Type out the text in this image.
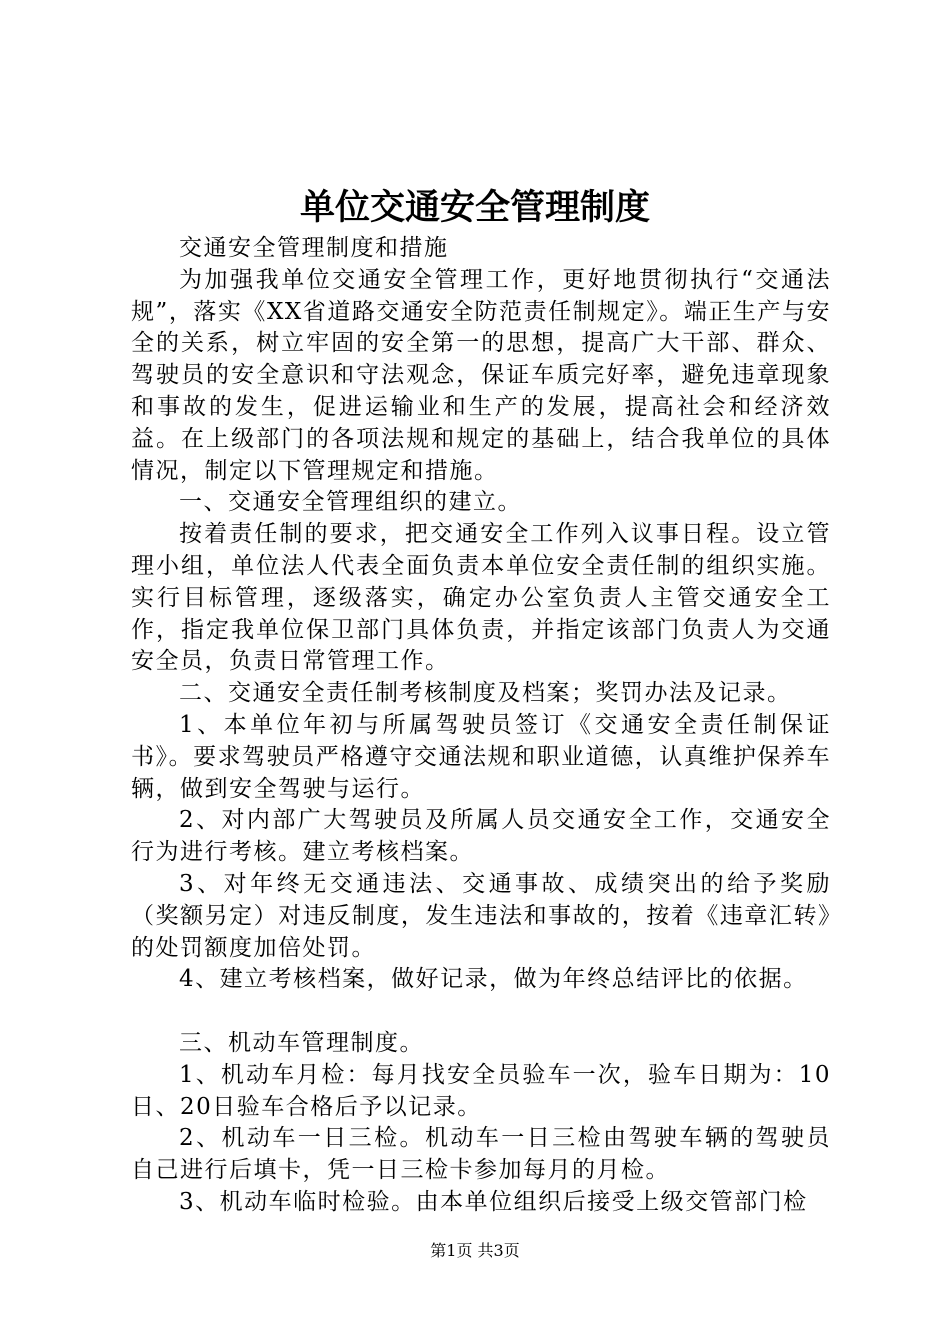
单位交通安全管理制度

交通安全管理制度和措施

为加强我单位交通安全管理工作，更好地贯彻执行“交通法规”，落实《XX省道路交通安全防范责任制规定》。端正生产与安全的关系，树立牢固的安全第一的思想，提高广大干部、群众、驾驶员的安全意识和守法观念，保证车质完好率，避免违章现象和事故的发生，促进运输业和生产的发展，提高社会和经济效益。在上级部门的各项法规和规定的基础上，结合我单位的具体情况，制定以下管理规定和措施。

一、交通安全管理组织的建立。

按着责任制的要求，把交通安全工作列入议事日程。设立管理小组，单位法人代表全面负责本单位安全责任制的组织实施。实行目标管理，逐级落实，确定办公室负责人主管交通安全工作，指定我单位保卫部门具体负责，并指定该部门负责人为交通安全员，负责日常管理工作。

二、交通安全责任制考核制度及档案；奖罚办法及记录。

1、本单位年初与所属驾驶员签订《交通安全责任制保证书》。要求驾驶员严格遵守交通法规和职业道德，认真维护保养车辆，做到安全驾驶与运行。

2、对内部广大驾驶员及所属人员交通安全工作，交通安全行为进行考核。建立考核档案。

3、对年终无交通违法、交通事故、成绩突出的给予奖励（奖额另定）对违反制度，发生违法和事故的，按着《违章汇转》的处罚额度加倍处罚。

4、建立考核档案，做好记录，做为年终总结评比的依据。

三、机动车管理制度。

1、机动车月检：每月找安全员验车一次，验车日期为：10日、20日验车合格后予以记录。

2、机动车一日三检。机动车一日三检由驾驶车辆的驾驶员自己进行后填卡，凭一日三检卡参加每月的月检。

3、机动车临时检验。由本单位组织后接受上级交管部门检

第1页 共3页
